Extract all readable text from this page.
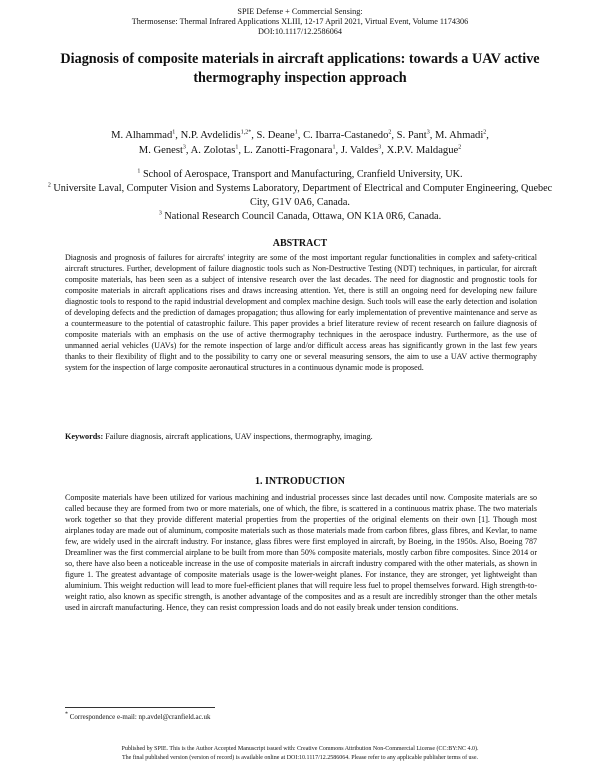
SPIE Defense + Commercial Sensing:
Thermosense: Thermal Infrared Applications XLIII, 12-17 April 2021, Virtual Event, Volume 1174306
DOI:10.1117/12.2586064
Diagnosis of composite materials in aircraft applications: towards a UAV active thermography inspection approach
M. Alhammad$^1$ , N.P. Avdelidis$^{1,2*}$ , S. Deane$^1$ , C. Ibarra-Castanedo$^2$ , S. Pant$^3$ , M. Ahmadi$^2$,
M. Genest$^3$ , A. Zolotas$^1$ , L. Zanotti-Fragonara$^1$ , J. Valdes$^3$ , X.P.V. Maldague$^2$
$^1$ School of Aerospace, Transport and Manufacturing, Cranfield University, UK.
$^2$ Universite Laval, Computer Vision and Systems Laboratory, Department of Electrical and Computer Engineering, Quebec City, G1V 0A6, Canada.
$^3$ National Research Council Canada, Ottawa, ON K1A 0R6, Canada.
ABSTRACT

Diagnosis and prognosis of failures for aircrafts' integrity are some of the most important regular functionalities in complex and safety-critical aircraft structures. Further, development of failure diagnostic tools such as Non-Destructive Testing (NDT) techniques, in particular, for aircraft composite materials, has been seen as a subject of intensive research over the last decades. The need for diagnostic and prognostic tools for composite materials in aircraft applications rises and draws increasing attention. Yet, there is still an ongoing need for developing new failure diagnostic tools to respond to the rapid industrial development and complex machine design. Such tools will ease the early detection and isolation of developing defects and the prediction of damages propagation; thus allowing for early implementation of preventive maintenance and serve as a countermeasure to the potential of catastrophic failure. This paper provides a brief literature review of recent research on failure diagnosis of composite materials with an emphasis on the use of active thermography techniques in the aerospace industry. Furthermore, as the use of unmanned aerial vehicles (UAVs) for the remote inspection of large and/or difficult access areas has significantly grown in the last few years thanks to their flexibility of flight and to the possibility to carry one or several measuring sensors, the aim to use a UAV active thermography system for the inspection of large composite aeronautical structures in a continuous dynamic mode is proposed.

Keywords: Failure diagnosis, aircraft applications, UAV inspections, thermography, imaging.
1. INTRODUCTION

Composite materials have been utilized for various machining and industrial processes since last decades until now. Composite materials are so called because they are formed from two or more materials, one of which, the fibre, is scattered in a continuous matrix phase. The two materials work together so that they provide different material properties from the properties of the original elements on their own [1]. Though most airplanes today are made out of aluminum, composite materials such as those materials made from carbon fibres, glass fibres, and Kevlar, to name few, are widely used in the aircraft industry. For instance, glass fibres were first employed in aircraft, by Boeing, in the 1950s. Also, Boeing 787 Dreamliner was the first commercial airplane to be built from more than 50% composite materials, mostly carbon fibre composites. Since 2014 or so, there have also been a noticeable increase in the use of composite materials in aircraft industry compared with the other materials, as shown in figure 1. The greatest advantage of composite materials usage is the lower-weight planes. For instance, they are stronger, yet lightweight than aluminium. This weight reduction will lead to more fuel-efficient planes that will require less fuel to propel themselves forward. High strength-to-weight ratio, also known as specific strength, is another advantage of the composites and as a result are incredibly stronger than the other metals used in aircraft manufacturing. Hence, they can resist compression loads and do not easily break under tension conditions.

* Correspondence e-mail: np.avdel@cranfield.ac.uk
Published by SPIE. This is the Author Accepted Manuscript issued with: Creative Commons Attribution Non-Commercial License (CC:BY:NC 4.0).
The final published version (version of record) is available online at DOI:10.1117/12.2586064. Please refer to any applicable publisher terms of use.
